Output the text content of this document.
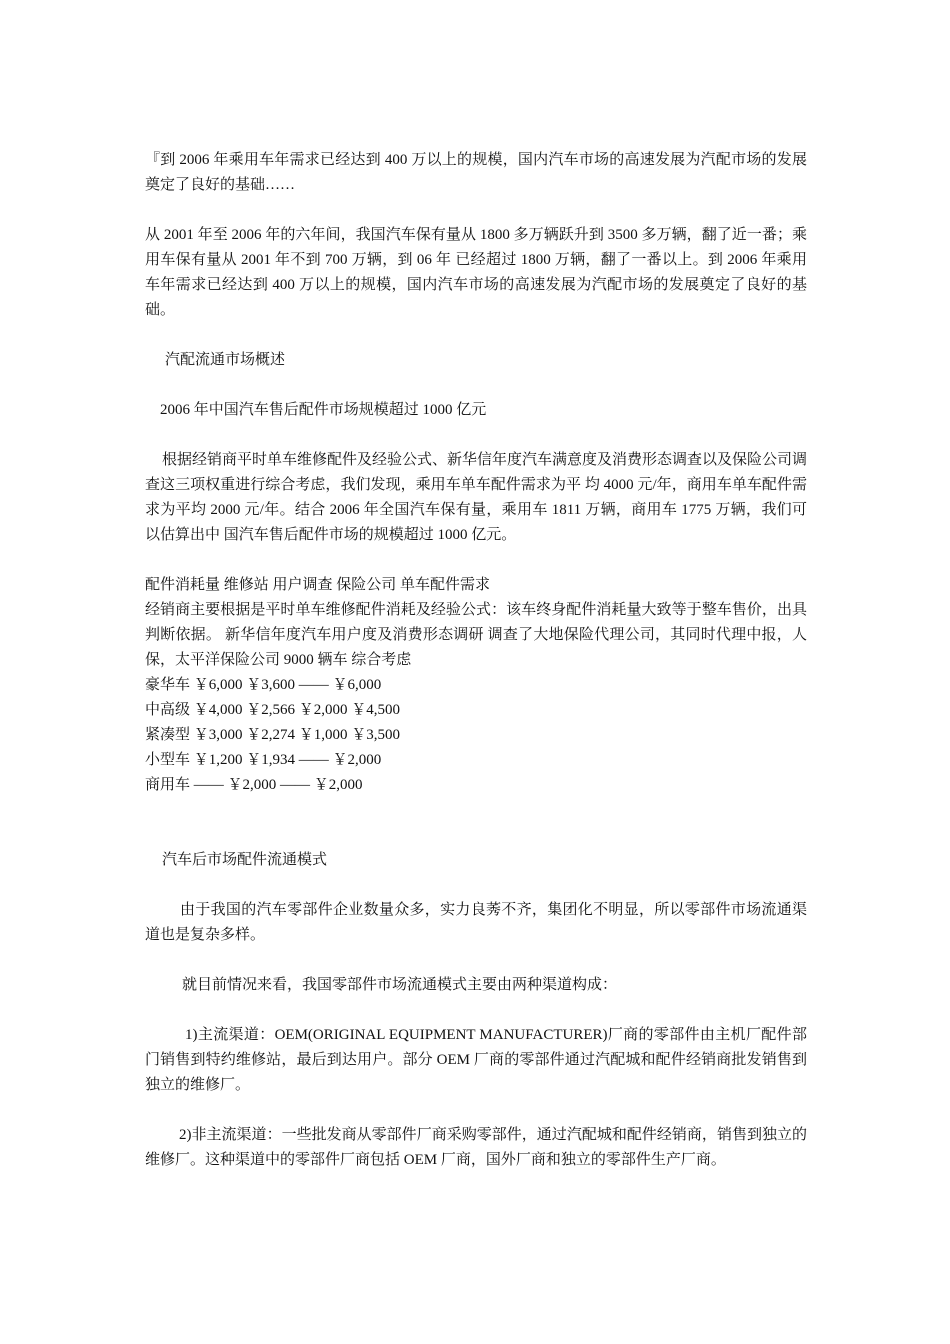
『到 2006 年乘用车年需求已经达到 400 万以上的规模，国内汽车市场的高速发展为汽配市场的发展奠定了良好的基础……

从 2001 年至 2006 年的六年间，我国汽车保有量从 1800 多万辆跃升到 3500 多万辆，翻了近一番；乘用车保有量从 2001 年不到 700 万辆，到 06 年 已经超过 1800 万辆，翻了一番以上。到 2006 年乘用车年需求已经达到 400 万以上的规模，国内汽车市场的高速发展为汽配市场的发展奠定了良好的基础。

汽配流通市场概述

2006 年中国汽车售后配件市场规模超过 1000 亿元

根据经销商平时单车维修配件及经验公式、新华信年度汽车满意度及消费形态调查以及保险公司调查这三项权重进行综合考虑，我们发现，乘用车单车配件需求为平 均 4000 元/年，商用车单车配件需求为平均 2000 元/年。结合 2006 年全国汽车保有量，乘用车 1811 万辆，商用车 1775 万辆，我们可以估算出中 国汽车售后配件市场的规模超过 1000 亿元。

配件消耗量 维修站 用户调查 保险公司 单车配件需求

经销商主要根据是平时单车维修配件消耗及经验公式：该车终身配件消耗量大致等于整车售价，出具判断依据。 新华信年度汽车用户度及消费形态调研 调查了大地保险代理公司，其同时代理中报，人保，太平洋保险公司 9000 辆车 综合考虑

豪华车 ￥6,000 ￥3,600 —— ￥6,000

中高级 ￥4,000 ￥2,566 ￥2,000 ￥4,500

紧凑型 ￥3,000 ￥2,274 ￥1,000 ￥3,500

小型车 ￥1,200 ￥1,934 —— ￥2,000

商用车 —— ￥2,000 —— ￥2,000

汽车后市场配件流通模式

由于我国的汽车零部件企业数量众多，实力良莠不齐，集团化不明显，所以零部件市场流通渠道也是复杂多样。

就目前情况来看，我国零部件市场流通模式主要由两种渠道构成：

1)主流渠道：OEM(ORIGINAL EQUIPMENT MANUFACTURER)厂商的零部件由主机厂配件部门销售到特约维修站，最后到达用户。部分 OEM 厂商的零部件通过汽配城和配件经销商批发销售到独立的维修厂。

2)非主流渠道：一些批发商从零部件厂商采购零部件，通过汽配城和配件经销商，销售到独立的维修厂。这种渠道中的零部件厂商包括 OEM 厂商，国外厂商和独立的零部件生产厂商。
